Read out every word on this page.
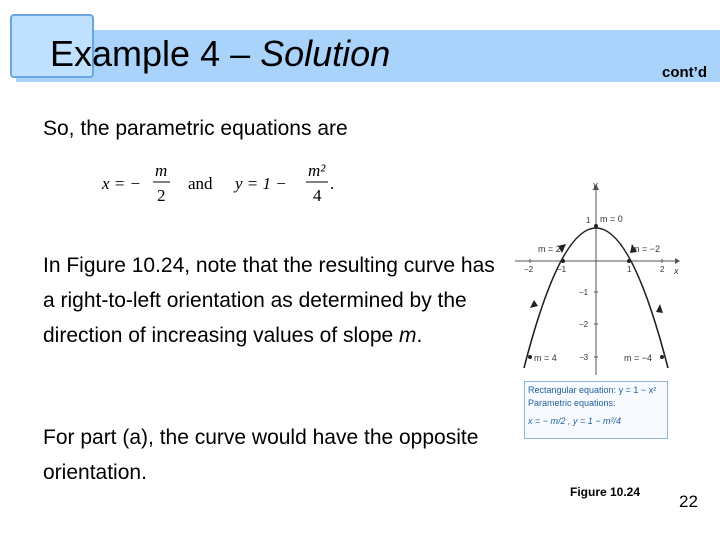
Example 4 – Solution	cont’d
So, the parametric equations are
x = −
m
2
and y = 1 −
m²
4
.
In Figure 10.24, note that the resulting curve has a right-to-left orientation as determined by the direction of increasing values of slope m.
For part (a), the curve would have the opposite orientation.
x
y
−2	−1	1	2
1
−1
−2
−3
m = 0
m = 2	m = −2
m = 4	m = −4
Rectangular equation: y = 1 − x²
Parametric equations:
x = − m/2 , y = 1 − m²/4
Figure 10.24 22
